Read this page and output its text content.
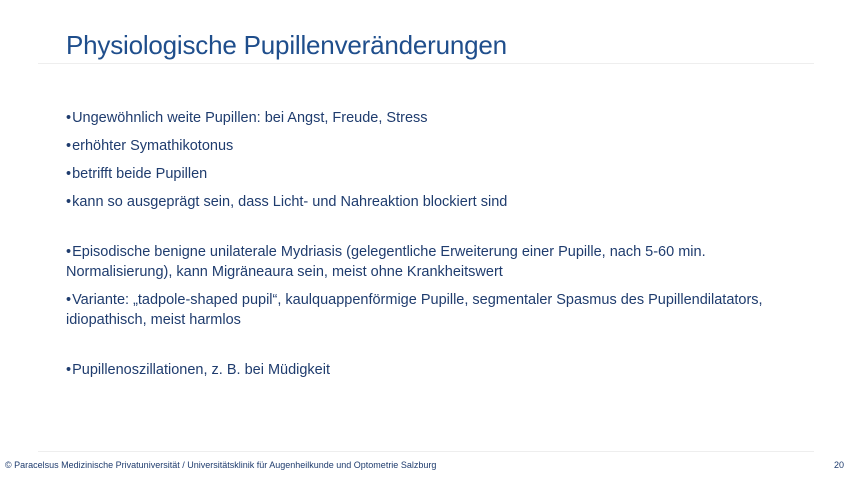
Physiologische Pupillenveränderungen
•Ungewöhnlich weite Pupillen: bei Angst, Freude, Stress
•erhöhter Symathikotonus
•betrifft beide Pupillen
•kann so ausgeprägt sein, dass Licht- und Nahreaktion blockiert sind
•Episodische benigne unilaterale Mydriasis (gelegentliche Erweiterung einer Pupille, nach 5-60 min. Normalisierung), kann Migräneaura sein, meist ohne Krankheitswert
•Variante: „tadpole-shaped pupil“, kaulquappenförmige Pupille, segmentaler Spasmus des Pupillendilatators, idiopathisch, meist harmlos
•Pupillenoszillationen, z. B. bei Müdigkeit
© Paracelsus Medizinische Privatuniversität / Universitätsklinik für Augenheilkunde und Optometrie Salzburg	20
